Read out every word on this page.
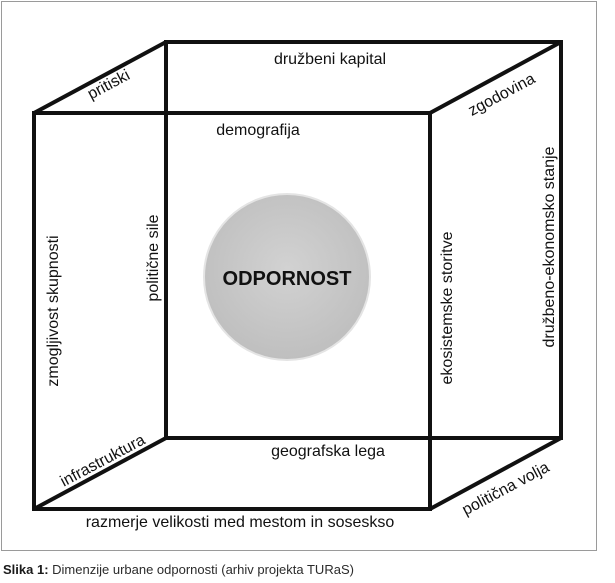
ODPORNOST
družbeni kapital
demografija
geografska lega
razmerje velikosti med mestom in soseskso
zmogljivost skupnosti	politične sile	ekosistemske storitve	družbeno-ekonomsko stanje
pritiski	zgodovina
infrastruktura	politična volja
Slika 1: Dimenzije urbane odpornosti (arhiv projekta TURaS)
